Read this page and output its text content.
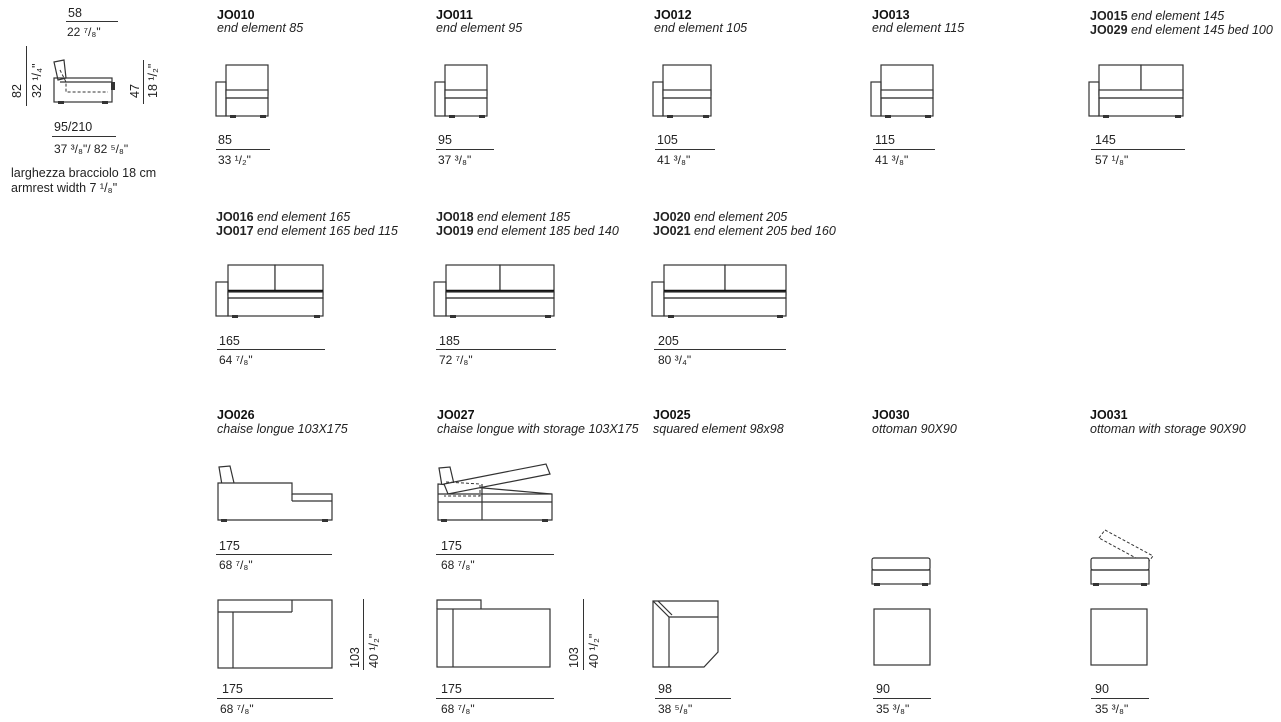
58
22 ⁷/₈"
82 32 ¹/₄"	47 18 ¹/₂"
95/210
37 ³/₈"/ 82 ⁵/₈"
larghezza bracciolo 18 cm
armrest width 7 ¹/₈"
JO010
end element 85
85
33 ¹/₂"
JO011
end element 95
95
37 ³/₈"
JO012
end element 105
105
41 ³/₈"
JO013
end element 115
115
41 ³/₈"
JO015 end element 145
JO029 end element 145 bed 100
145
57 ¹/₈"
JO016 end element 165
JO017 end element 165 bed 115
165
64 ⁷/₈"
JO018 end element 185
JO019 end element 185 bed 140
185
72 ⁷/₈"
JO020 end element 205
JO021 end element 205 bed 160
205
80 ³/₄"
JO026
chaise longue 103X175
175
68 ⁷/₈"
103 40 ¹/₂"
175
68 ⁷/₈"
JO027
chaise longue with storage 103X175
175
68 ⁷/₈"
103 40 ¹/₂"
175
68 ⁷/₈"
JO025
squared element 98x98
98
38 ⁵/₈"
JO030
ottoman 90X90
90
35 ³/₈"
JO031
ottoman with storage 90X90
90
35 ³/₈"
